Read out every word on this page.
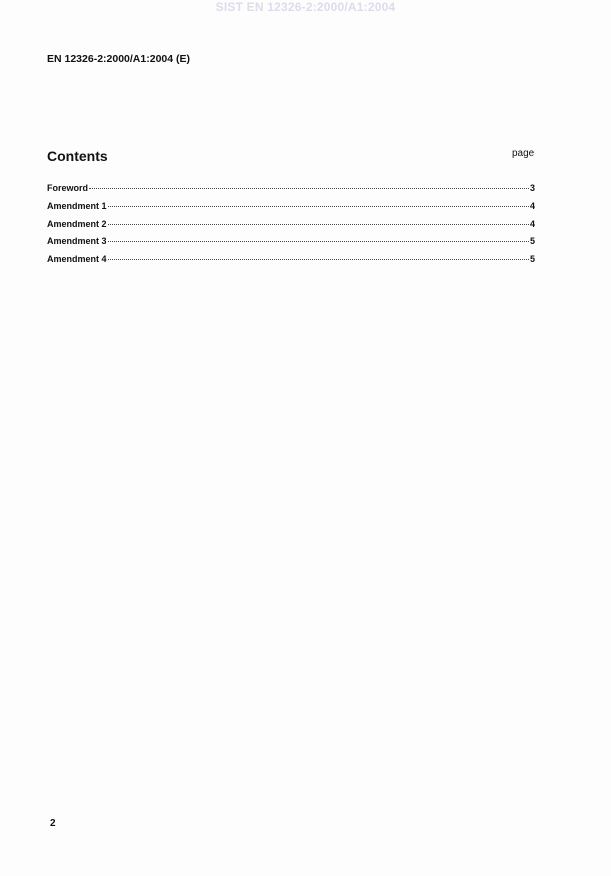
SIST EN 12326-2:2000/A1:2004
EN 12326-2:2000/A1:2004 (E)
Contents	page
Foreword	3
Amendment 1	4
Amendment 2	4
Amendment 3	5
Amendment 4	5
2
